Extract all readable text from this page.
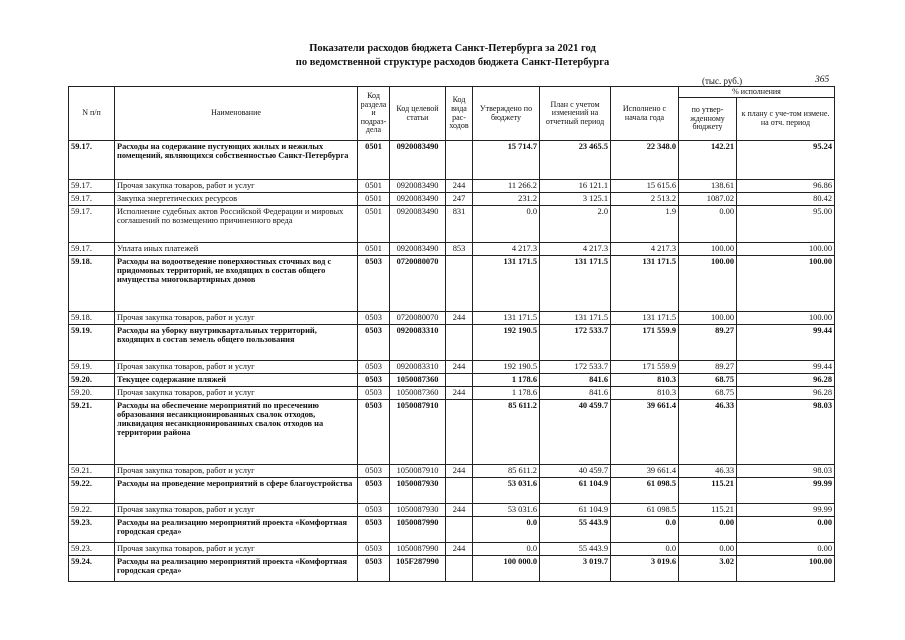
Показатели расходов бюджета Санкт-Петербурга за 2021 год
по ведомственной структуре расходов бюджета Санкт-Петербурга
(тыс. руб.)	365
N п/п	Наименование	Код раздела и подраз-дела	Код целевой статьи	Код вида рас-ходов	Утверждено по бюджету	План с учетом изменений на отчетный период	Исполнено с начала года	% исполнения	
								по утвер-жденному бюджету	к плану с уче-том измене. на отч. период
59.17.	Расходы на содержание пустующих жилых и нежилых помещений, являющихся собственностью Санкт-Петербурга	0501	0920083490		15 714.7	23 465.5	22 348.0	142.21	95.24
59.17.	Прочая закупка товаров, работ и услуг	0501	0920083490	244	11 266.2	16 121.1	15 615.6	138.61	96.86
59.17.	Закупка энергетических ресурсов	0501	0920083490	247	231.2	3 125.1	2 513.2	1087.02	80.42
59.17.	Исполнение судебных актов Российской Федерации и мировых соглашений по возмещению причиненного вреда	0501	0920083490	831	0.0	2.0	1.9	0.00	95.00
59.17.	Уплата иных платежей	0501	0920083490	853	4 217.3	4 217.3	4 217.3	100.00	100.00
59.18.	Расходы на водоотведение поверхностных сточных вод с придомовых территорий, не входящих в состав общего имущества многоквартирных домов	0503	0720080070		131 171.5	131 171.5	131 171.5	100.00	100.00
59.18.	Прочая закупка товаров, работ и услуг	0503	0720080070	244	131 171.5	131 171.5	131 171.5	100.00	100.00
59.19.	Расходы на уборку внутриквартальных территорий, входящих в состав земель общего пользования	0503	0920083310		192 190.5	172 533.7	171 559.9	89.27	99.44
59.19.	Прочая закупка товаров, работ и услуг	0503	0920083310	244	192 190.5	172 533.7	171 559.9	89.27	99.44
59.20.	Текущее содержание пляжей	0503	1050087360		1 178.6	841.6	810.3	68.75	96.28
59.20.	Прочая закупка товаров, работ и услуг	0503	1050087360	244	1 178.6	841.6	810.3	68.75	96.28
59.21.	Расходы на обеспечение мероприятий по пресечению образования несанкционированных свалок отходов, ликвидация несанкционированных свалок отходов на территории района	0503	1050087910		85 611.2	40 459.7	39 661.4	46.33	98.03
59.21.	Прочая закупка товаров, работ и услуг	0503	1050087910	244	85 611.2	40 459.7	39 661.4	46.33	98.03
59.22.	Расходы на проведение мероприятий в сфере благоустройства	0503	1050087930		53 031.6	61 104.9	61 098.5	115.21	99.99
59.22.	Прочая закупка товаров, работ и услуг	0503	1050087930	244	53 031.6	61 104.9	61 098.5	115.21	99.99
59.23.	Расходы на реализацию мероприятий проекта «Комфортная городская среда»	0503	1050087990		0.0	55 443.9	0.0	0.00	0.00
59.23.	Прочая закупка товаров, работ и услуг	0503	1050087990	244	0.0	55 443.9	0.0	0.00	0.00
59.24.	Расходы на реализацию мероприятий проекта «Комфортная городская среда»	0503	105F287990		100 000.0	3 019.7	3 019.6	3.02	100.00
